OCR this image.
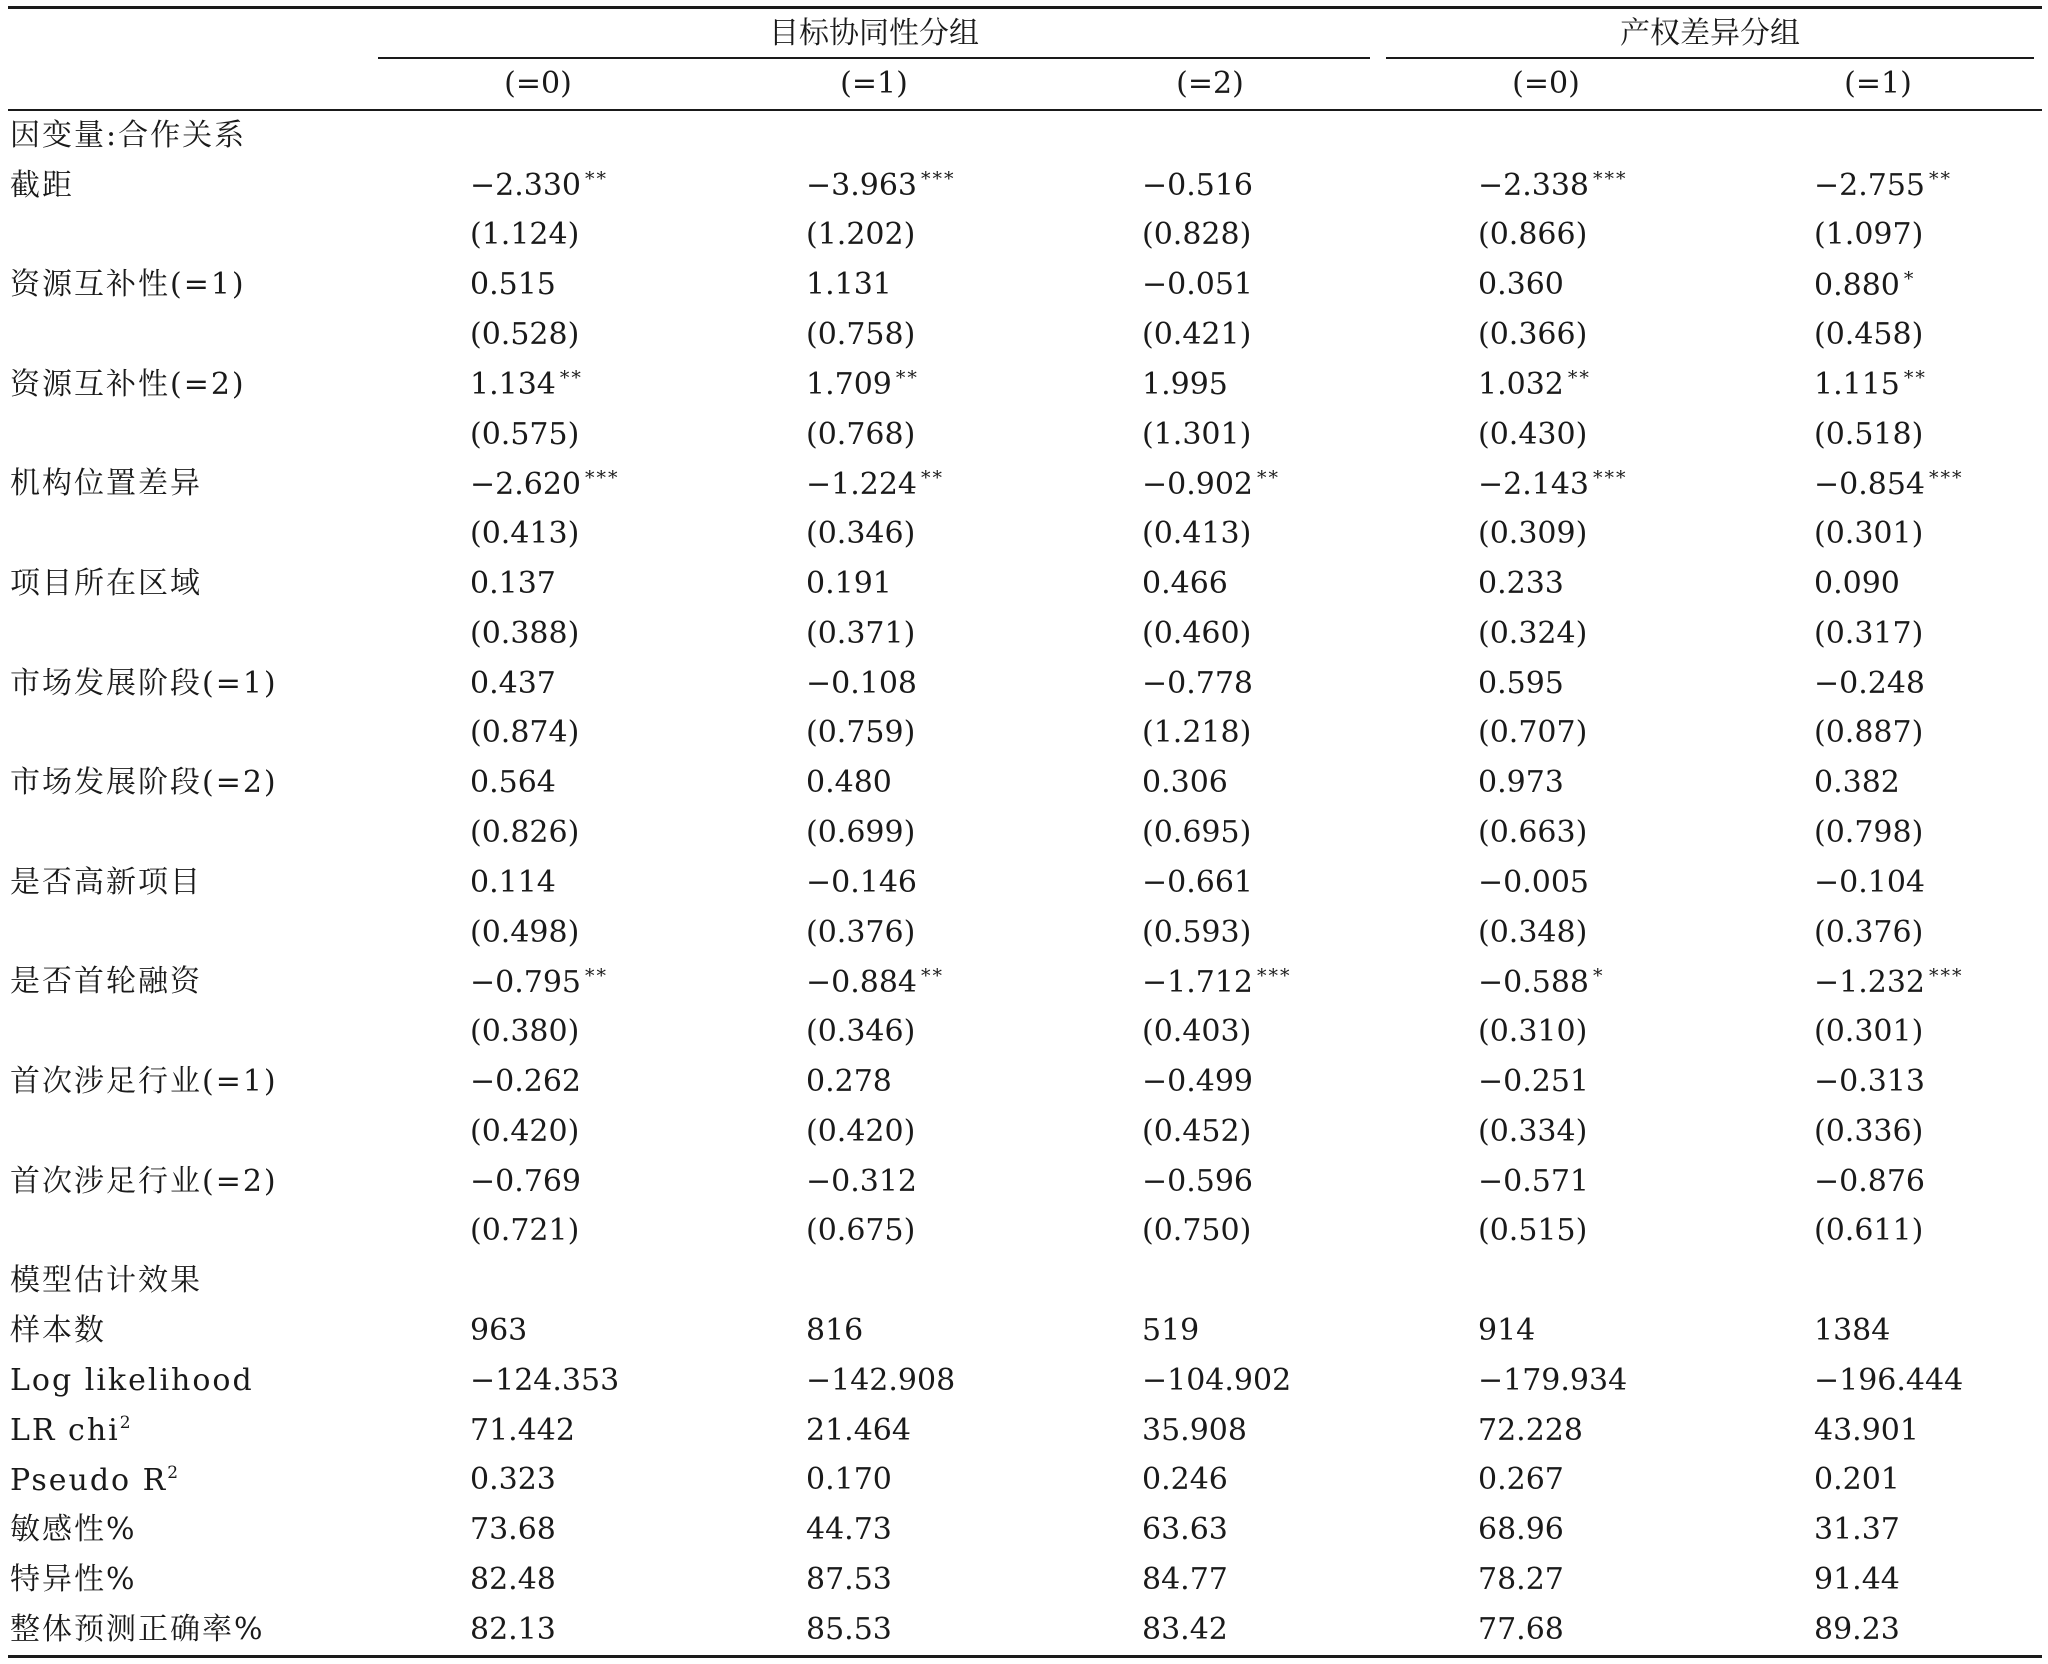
	目标协同性分组			产权差异分组	

	(=0)	(=1)	(=2)	(=0)	(=1)
因变量:合作关系					
截距	−2.330 **	−3.963 ***	−0.516	−2.338 ***	−2.755 **
	(1.124)	(1.202)	(0.828)	(0.866)	(1.097)
资源互补性(=1)	0.515	1.131	−0.051	0.360	0.880 *
	(0.528)	(0.758)	(0.421)	(0.366)	(0.458)
资源互补性(=2)	1.134 **	1.709 **	1.995	1.032 **	1.115 **
	(0.575)	(0.768)	(1.301)	(0.430)	(0.518)
机构位置差异	−2.620 ***	−1.224 **	−0.902 **	−2.143 ***	−0.854 ***
	(0.413)	(0.346)	(0.413)	(0.309)	(0.301)
项目所在区域	0.137	0.191	0.466	0.233	0.090
	(0.388)	(0.371)	(0.460)	(0.324)	(0.317)
市场发展阶段(=1)	0.437	−0.108	−0.778	0.595	−0.248
	(0.874)	(0.759)	(1.218)	(0.707)	(0.887)
市场发展阶段(=2)	0.564	0.480	0.306	0.973	0.382
	(0.826)	(0.699)	(0.695)	(0.663)	(0.798)
是否高新项目	0.114	−0.146	−0.661	−0.005	−0.104
	(0.498)	(0.376)	(0.593)	(0.348)	(0.376)
是否首轮融资	−0.795 **	−0.884 **	−1.712 ***	−0.588 *	−1.232 ***
	(0.380)	(0.346)	(0.403)	(0.310)	(0.301)
首次涉足行业(=1)	−0.262	0.278	−0.499	−0.251	−0.313
	(0.420)	(0.420)	(0.452)	(0.334)	(0.336)
首次涉足行业(=2)	−0.769	−0.312	−0.596	−0.571	−0.876
	(0.721)	(0.675)	(0.750)	(0.515)	(0.611)
模型估计效果					
样本数	963	816	519	914	1384
Log likelihood	−124.353	−142.908	−104.902	−179.934	−196.444
LR chi$^2$	71.442	21.464	35.908	72.228	43.901
Pseudo $R^2$	0.323	0.170	0.246	0.267	0.201
敏感性%	73.68	44.73	63.63	68.96	31.37
特异性%	82.48	87.53	84.77	78.27	91.44
整体预测正确率%	82.13	85.53	83.42	77.68	89.23
